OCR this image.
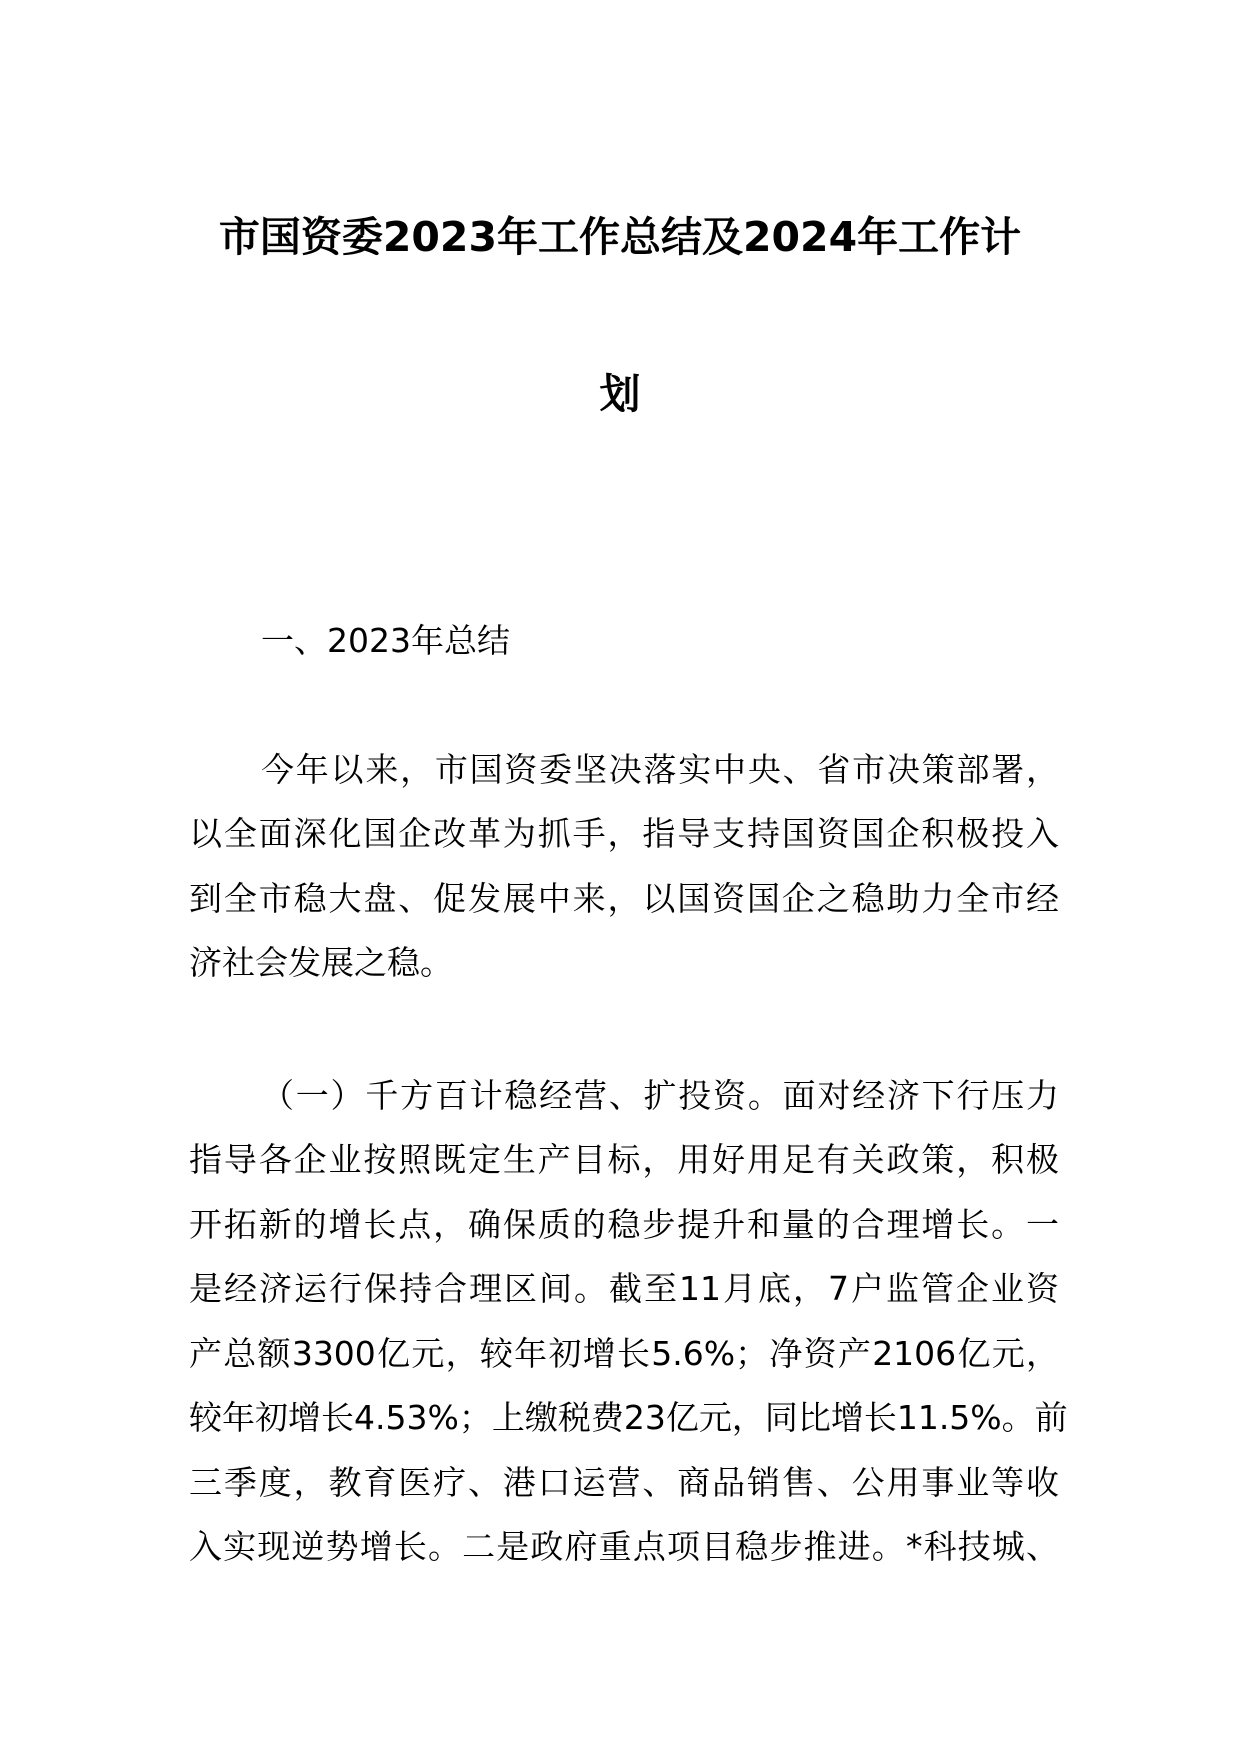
市国资委2023年工作总结及2024年工作计
划
一、2023年总结
今年以来，市国资委坚决落实中央、省市决策部署，
以全面深化国企改革为抓手，指导支持国资国企积极投入
到全市稳大盘、促发展中来，以国资国企之稳助力全市经
济社会发展之稳。
（一）千方百计稳经营、扩投资。面对经济下行压力
指导各企业按照既定生产目标，用好用足有关政策，积极
开拓新的增长点，确保质的稳步提升和量的合理增长。一
是经济运行保持合理区间。截至11月底，7户监管企业资
产总额3300亿元，较年初增长5.6%；净资产2106亿元，
较年初增长4.53%；上缴税费23亿元，同比增长11.5%。前
三季度，教育医疗、港口运营、商品销售、公用事业等收
入实现逆势增长。二是政府重点项目稳步推进。*科技城、
